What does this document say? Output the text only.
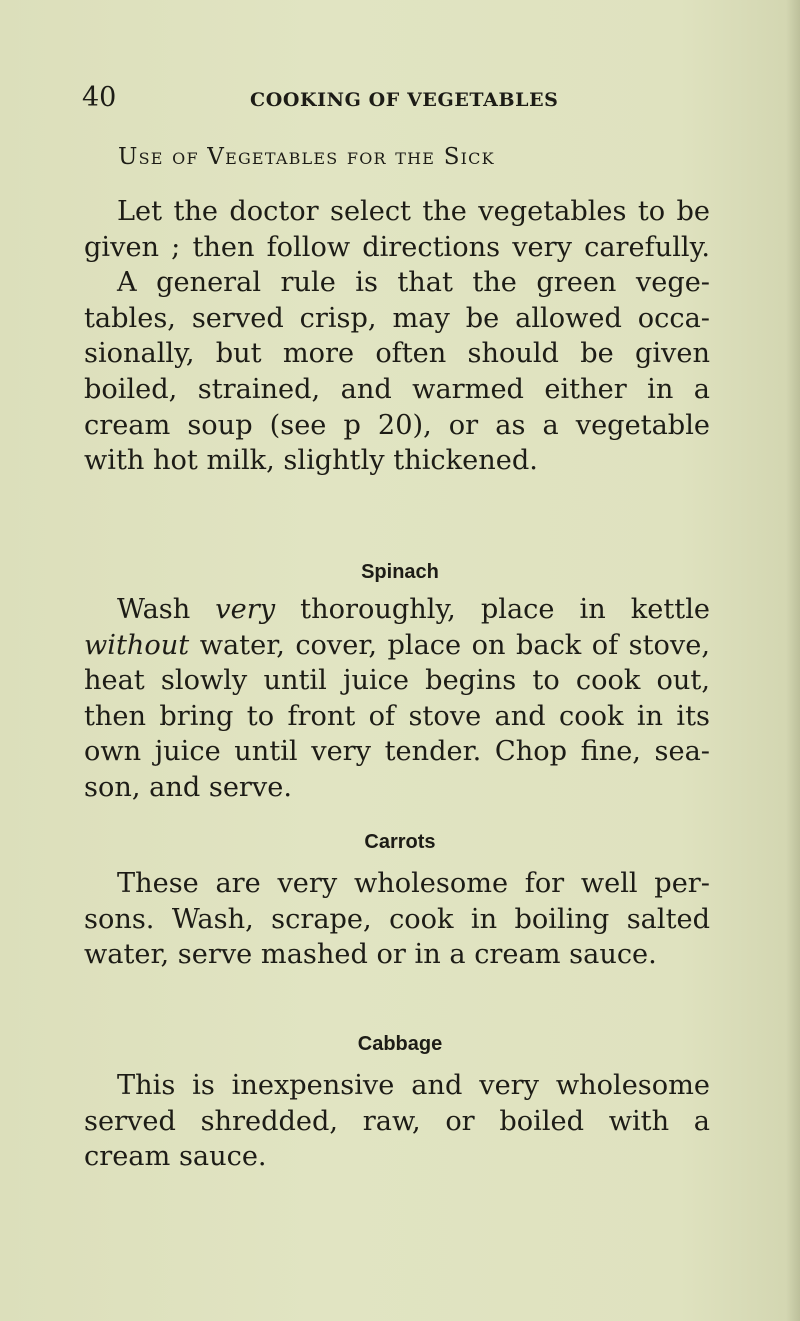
40	COOKING OF VEGETABLES
Use of Vegetables for the Sick
Let the doctor select the vegetables to be
given ; then follow directions very carefully.
A general rule is that the green vege-
tables, served crisp, may be allowed occa-
sionally, but more often should be given
boiled, strained, and warmed either in a
cream soup (see p 20), or as a vegetable
with hot milk, slightly thickened.
Spinach
Wash very thoroughly, place in kettle
without water, cover, place on back of stove,
heat slowly until juice begins to cook out,
then bring to front of stove and cook in its
own juice until very tender. Chop fine, sea-
son, and serve.
Carrots
These are very wholesome for well per-
sons. Wash, scrape, cook in boiling salted
water, serve mashed or in a cream sauce.
Cabbage
This is inexpensive and very wholesome
served shredded, raw, or boiled with a
cream sauce.
